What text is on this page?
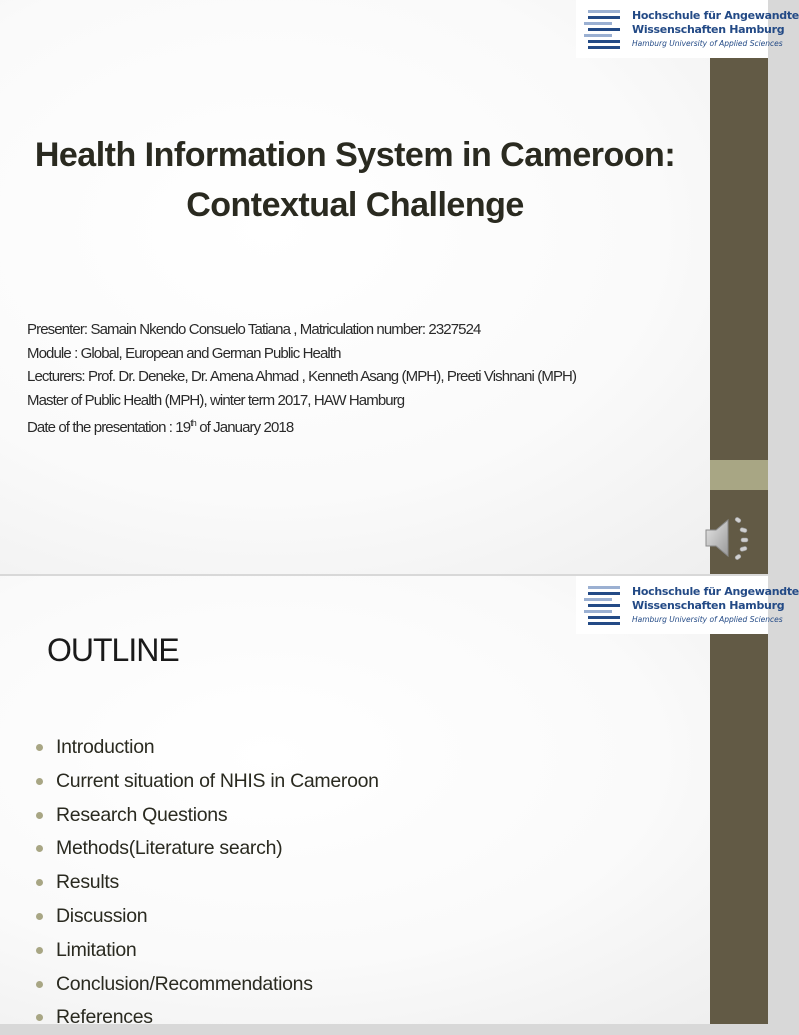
Hochschule für Angewandte
Wissenschaften Hamburg
Hamburg University of Applied Sciences
Health Information System in Cameroon:
Contextual Challenge
Presenter: Samain Nkendo Consuelo Tatiana , Matriculation number: 2327524
Module : Global, European and German Public Health
Lecturers: Prof. Dr. Deneke, Dr. Amena Ahmad , Kenneth Asang (MPH), Preeti Vishnani (MPH)
Master of Public Health (MPH), winter term 2017, HAW Hamburg
Date of the presentation : 19th of January 2018
Hochschule für Angewandte
Wissenschaften Hamburg
Hamburg University of Applied Sciences
OUTLINE
Introduction
Current situation of NHIS in Cameroon
Research Questions
Methods(Literature search)
Results
Discussion
Limitation
Conclusion/Recommendations
References
